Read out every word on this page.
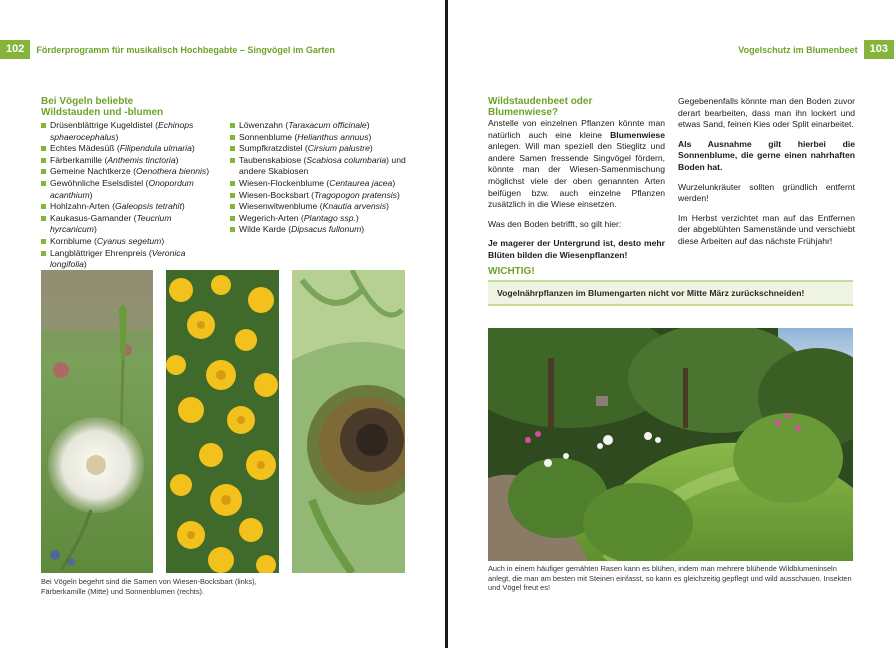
102	Förderprogramm für musikalisch Hochbegabte – Singvögel im Garten
Bei Vögeln beliebte
Wildstauden und -blumen
Drüsenblättrige Kugeldistel (Echinops sphaerocephalus)
Echtes Mädesüß (Filipendula ulmaria)
Färberkamille (Anthemis tinctoria)
Gemeine Nachtkerze (Oenothera biennis)
Gewöhnliche Eselsdistel (Onopordum acanthium)
Hohlzahn-Arten (Galeopsis tetrahit)
Kaukasus-Gamander (Teucrium hyrcanicum)
Kornblume (Cyanus segetum)
Langblättriger Ehrenpreis (Veronica longifolia)
Löwenzahn (Taraxacum officinale)
Sonnenblume (Helianthus annuus)
Sumpfkratzdistel (Cirsium palustre)
Taubenskabiose (Scabiosa columbaria) und andere Skabiosen
Wiesen-Flockenblume (Centaurea jacea)
Wiesen-Bocksbart (Tragopogon pratensis)
Wiesenwitwenblume (Knautia arvensis)
Wegerich-Arten (Plantago ssp.)
Wilde Karde (Dipsacus fullonum)
Bei Vögeln begehrt sind die Samen von Wiesen-Bocksbart (links), Färberkamille (Mitte) und Sonnenblumen (rechts).
Vogelschutz im Blumenbeet	103
Wildstaudenbeet oder Blumenwiese?

Anstelle von einzelnen Pflanzen könnte man natürlich auch eine kleine Blumenwiese anlegen. Will man speziell den Stieglitz und andere Samen fressende Singvögel fördern, könnte man der Wiesen-Samenmischung möglichst viele der oben genannten Arten beifügen bzw. auch einzelne Pflanzen zusätzlich in die Wiese einsetzen.

Was den Boden betrifft, so gilt hier:

Je magerer der Untergrund ist, desto mehr Blüten bilden die Wiesenpflanzen!

Gegebenenfalls könnte man den Boden zuvor derart bearbeiten, dass man ihn lockert und etwas Sand, feinen Kies oder Split einarbeitet.

Als Ausnahme gilt hierbei die Sonnenblume, die gerne einen nahrhaften Boden hat.

Wurzelunkräuter sollten gründlich entfernt werden!

Im Herbst verzichtet man auf das Entfernen der abgeblühten Samenstände und verschiebt diese Arbeiten auf das nächste Frühjahr!

WICHTIG!
Vogelnährpflanzen im Blumengarten nicht vor Mitte März zurückschneiden!
Auch in einem häufiger gemähten Rasen kann es blühen, indem man mehrere blühende Wildblumeninseln anlegt, die man am besten mit Steinen einfasst, so kann es gleichzeitig gepflegt und wild ausschauen. Insekten und Vögel freut es!
